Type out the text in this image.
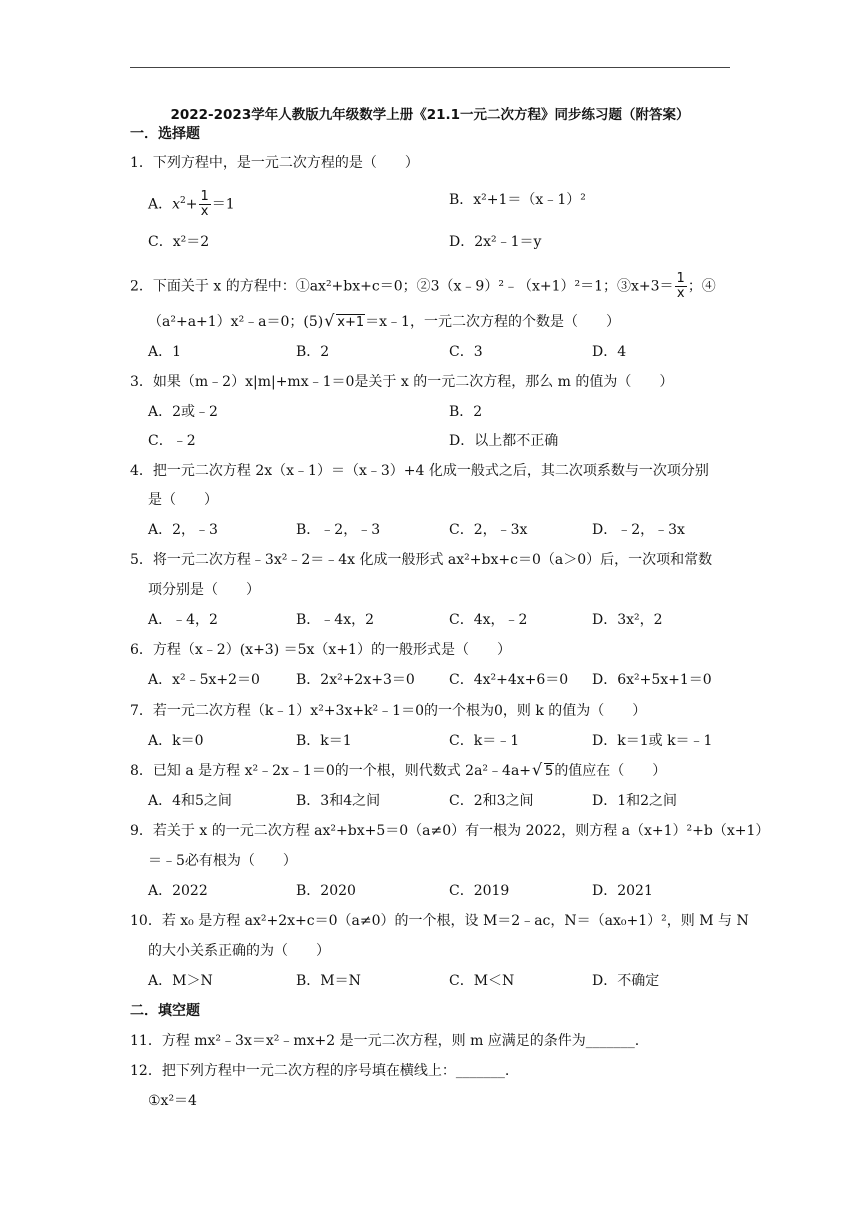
2022-2023学年人教版九年级数学上册《21.1一元二次方程》同步练习题（附答案）
一．选择题
1．下列方程中，是一元二次方程的是（　　）
A．$x^2+ \frac{1}{x} =1$	B．x²+1＝（x﹣1）²
C．x²＝2	D．2x²﹣1＝y
2．下面关于 x 的方程中：①ax²+bx+c＝0；②3（x﹣9）²﹣（x+1）²＝1；③x+3＝ $\frac{1}{x}$ ；④
（a²+a+1）x²﹣a＝0；(5) √ x+1＝x﹣1，一元二次方程的个数是（　　）
A．1	B．2	C．3	D．4
3．如果（m﹣2）x|m|+mx﹣1＝0是关于 x 的一元二次方程，那么 m 的值为（　　）
A．2或﹣2	B．2
C．﹣2	D．以上都不正确
4．把一元二次方程 2x（x﹣1）＝（x﹣3）+4 化成一般式之后，其二次项系数与一次项分别
是（　　）
A．2，﹣3	B．﹣2，﹣3	C．2，﹣3x	D．﹣2，﹣3x
5．将一元二次方程﹣3x²﹣2＝﹣4x 化成一般形式 ax²+bx+c＝0（a＞0）后，一次项和常数
项分别是（　　）
A．﹣4，2	B．﹣4x，2	C．4x，﹣2	D．3x²，2
6．方程（x﹣2）(x+3) ＝5x（x+1）的一般形式是（　　）
A．x²﹣5x+2＝0	B．2x²+2x+3＝0 C．4x²+4x+6＝0 D．6x²+5x+1＝0
7．若一元二次方程（k﹣1）x²+3x+k²﹣1＝0的一个根为0，则 k 的值为（　　）
A．k＝0	B．k＝1	C．k＝﹣1	D．k＝1或 k＝﹣1
8．已知 a 是方程 x²﹣2x﹣1＝0的一个根，则代数式 2a²﹣4a+ √ 5的值应在（　　）
A．4和5之间	B．3和4之间	C．2和3之间	D．1和2之间
9．若关于 x 的一元二次方程 ax²+bx+5＝0（a≠0）有一根为 2022，则方程 a（x+1）²+b（x+1）
＝﹣5必有根为（　　）
A．2022	B．2020	C．2019	D．2021
10．若 x₀ 是方程 ax²+2x+c＝0（a≠0）的一个根，设 M＝2﹣ac，N＝（ax₀+1）²，则 M 与 N
的大小关系正确的为（　　）
A．M＞N	B．M＝N	C．M＜N	D．不确定
二．填空题
11．方程 mx²﹣3x＝x²﹣mx+2 是一元二次方程，则 m 应满足的条件为_______.
12．把下列方程中一元二次方程的序号填在横线上：_______.
①x²＝4
